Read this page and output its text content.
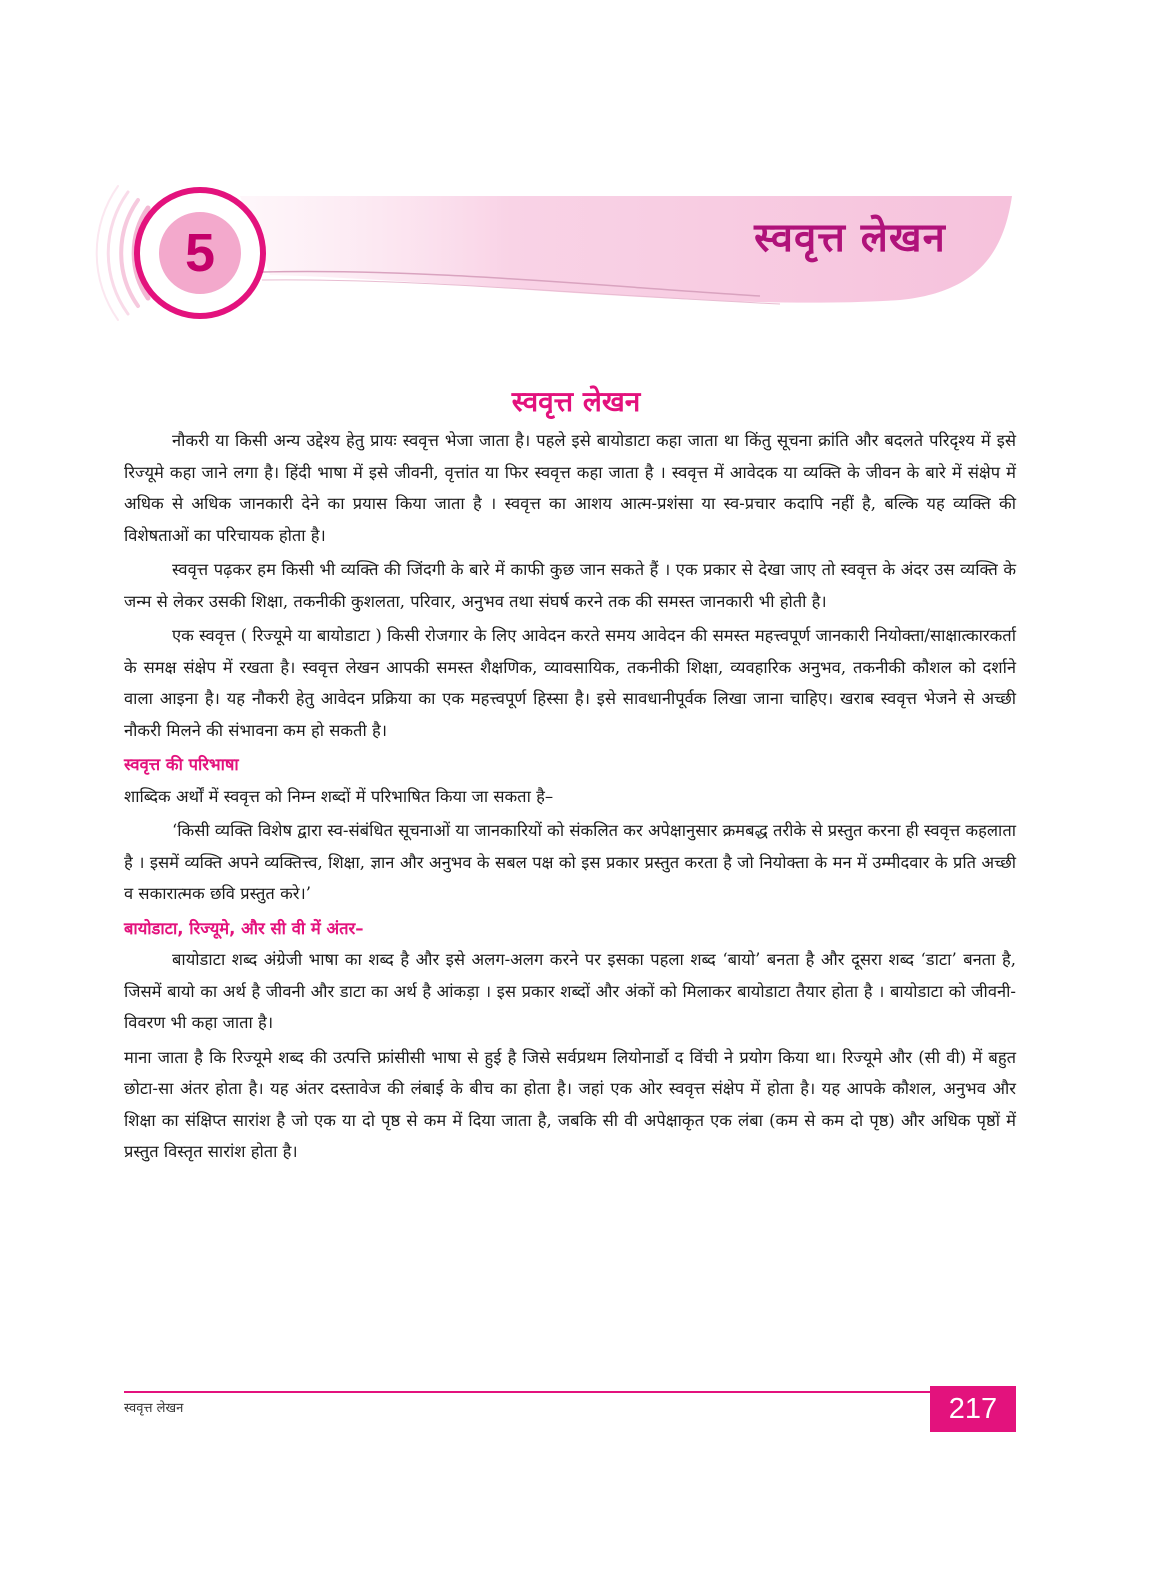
5	स्ववृत्त लेखन
स्ववृत्त लेखन

नौकरी या किसी अन्य उद्देश्य हेतु प्रायः स्ववृत्त भेजा जाता है। पहले इसे बायोडाटा कहा जाता था किंतु सूचना क्रांति और बदलते परिदृश्य में इसे रिज्यूमे कहा जाने लगा है। हिंदी भाषा में इसे जीवनी, वृत्तांत या फिर स्ववृत्त कहा जाता है । स्ववृत्त में आवेदक या व्यक्ति के जीवन के बारे में संक्षेप में अधिक से अधिक जानकारी देने का प्रयास किया जाता है । स्ववृत्त का आशय आत्म-प्रशंसा या स्व-प्रचार कदापि नहीं है, बल्कि यह व्यक्ति की विशेषताओं का परिचायक होता है।

स्ववृत्त पढ़कर हम किसी भी व्यक्ति की जिंदगी के बारे में काफी कुछ जान सकते हैं । एक प्रकार से देखा जाए तो स्ववृत्त के अंदर उस व्यक्ति के जन्म से लेकर उसकी शिक्षा, तकनीकी कुशलता, परिवार, अनुभव तथा संघर्ष करने तक की समस्त जानकारी भी होती है।

एक स्ववृत्त ( रिज्यूमे या बायोडाटा ) किसी रोजगार के लिए आवेदन करते समय आवेदन की समस्त महत्त्वपूर्ण जानकारी नियोक्ता/साक्षात्कारकर्ता के समक्ष संक्षेप में रखता है। स्ववृत्त लेखन आपकी समस्त शैक्षणिक, व्यावसायिक, तकनीकी शिक्षा, व्यवहारिक अनुभव, तकनीकी कौशल को दर्शाने वाला आइना है। यह नौकरी हेतु आवेदन प्रक्रिया का एक महत्त्वपूर्ण हिस्सा है। इसे सावधानीपूर्वक लिखा जाना चाहिए। खराब स्ववृत्त भेजने से अच्छी नौकरी मिलने की संभावना कम हो सकती है।

स्ववृत्त की परिभाषा

शाब्दिक अर्थों में स्ववृत्त को निम्न शब्दों में परिभाषित किया जा सकता है–

‘किसी व्यक्ति विशेष द्वारा स्व-संबंधित सूचनाओं या जानकारियों को संकलित कर अपेक्षानुसार क्रमबद्ध तरीके से प्रस्तुत करना ही स्ववृत्त कहलाता है । इसमें व्यक्ति अपने व्यक्तित्त्व, शिक्षा, ज्ञान और अनुभव के सबल पक्ष को इस प्रकार प्रस्तुत करता है जो नियोक्ता के मन में उम्मीदवार के प्रति अच्छी व सकारात्मक छवि प्रस्तुत करे।’

बायोडाटा, रिज्यूमे, और सी वी में अंतर–

बायोडाटा शब्द अंग्रेजी भाषा का शब्द है और इसे अलग-अलग करने पर इसका पहला शब्द ‘बायो’ बनता है और दूसरा शब्द ‘डाटा’ बनता है, जिसमें बायो का अर्थ है जीवनी और डाटा का अर्थ है आंकड़ा । इस प्रकार शब्दों और अंकों को मिलाकर बायोडाटा तैयार होता है । बायोडाटा को जीवनी-विवरण भी कहा जाता है।

माना जाता है कि रिज्यूमे शब्द की उत्पत्ति फ्रांसीसी भाषा से हुई है जिसे सर्वप्रथम लियोनार्डो द विंची ने प्रयोग किया था। रिज्यूमे और (सी वी) में बहुत छोटा-सा अंतर होता है। यह अंतर दस्तावेज की लंबाई के बीच का होता है। जहां एक ओर स्ववृत्त संक्षेप में होता है। यह आपके कौशल, अनुभव और शिक्षा का संक्षिप्त सारांश है जो एक या दो पृष्ठ से कम में दिया जाता है, जबकि सी वी अपेक्षाकृत एक लंबा (कम से कम दो पृष्ठ) और अधिक पृष्ठों में प्रस्तुत विस्तृत सारांश होता है।

स्ववृत्त लेखन	217
